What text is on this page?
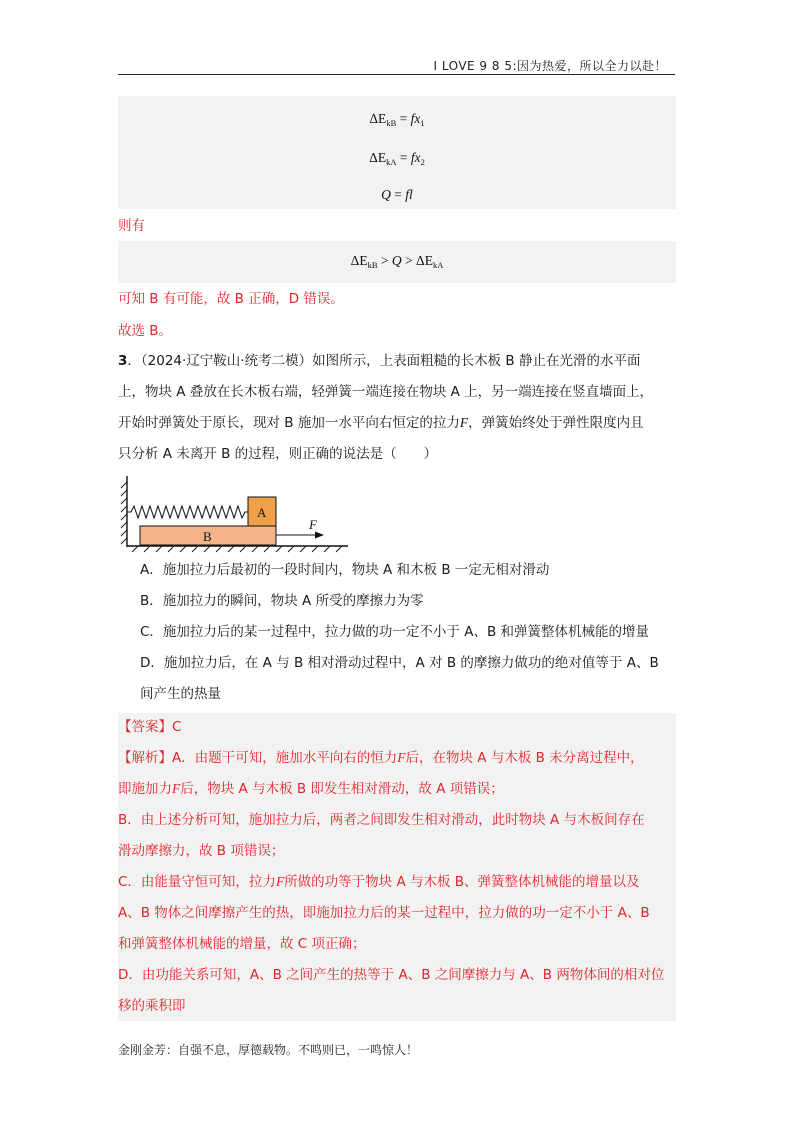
I LOVE 9 8 5:因为热爱，所以全力以赴！
$\Delta E_{kB} = fx_1$
$\Delta E_{kA} = fx_2$
Q = fl
则有
$\Delta E_{kB} > Q > \Delta E_{kA}$
可知 B 有可能，故 B 正确，D 错误。
故选 B。
3．（2024·辽宁鞍山·统考二模）如图所示，上表面粗糙的长木板 B 静止在光滑的水平面
上，物块 A 叠放在长木板右端，轻弹簧一端连接在物块 A 上，另一端连接在竖直墙面上，
开始时弹簧处于原长，现对 B 施加一水平向右恒定的拉力F，弹簧始终处于弹性限度内且
只分析 A 未离开 B 的过程，则正确的说法是（　　）
B
A
F
A．施加拉力后最初的一段时间内，物块 A 和木板 B 一定无相对滑动
B．施加拉力的瞬间，物块 A 所受的摩擦力为零
C．施加拉力后的某一过程中，拉力做的功一定不小于 A、B 和弹簧整体机械能的增量
D．施加拉力后，在 A 与 B 相对滑动过程中，A 对 B 的摩擦力做功的绝对值等于 A、B
间产生的热量
【答案】C
【解析】A．由题干可知，施加水平向右的恒力F后，在物块 A 与木板 B 未分离过程中，
即施加力F后，物块 A 与木板 B 即发生相对滑动，故 A 项错误；
B．由上述分析可知，施加拉力后，两者之间即发生相对滑动，此时物块 A 与木板间存在
滑动摩擦力，故 B 项错误；
C．由能量守恒可知，拉力F所做的功等于物块 A 与木板 B、弹簧整体机械能的增量以及
A、B 物体之间摩擦产生的热，即施加拉力后的某一过程中，拉力做的功一定不小于 A、B
和弹簧整体机械能的增量，故 C 项正确；
D．由功能关系可知，A、B 之间产生的热等于 A、B 之间摩擦力与 A、B 两物体间的相对位
移的乘积即
金刚金芳：自强不息，厚德载物。不鸣则已，一鸣惊人！
